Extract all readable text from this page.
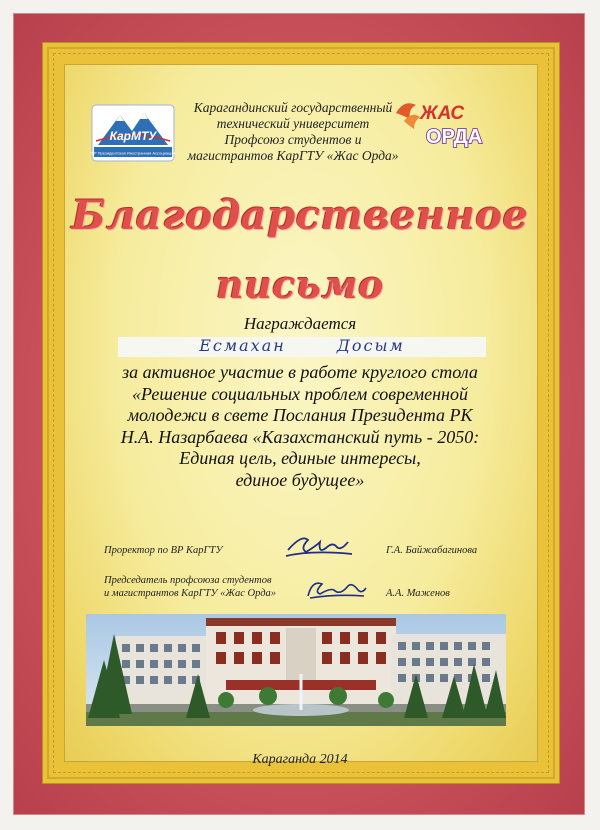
КарМТУ
ВР Президентская Иностранная Ассоциация
Карагандинский государственный
технический университет
Профсоюз студентов и
магистрантов КарГТУ «Жас Орда»
ЖАС
ОРДА
Благодарственное
письмо
Награждается
Есмахан	Досым
за активное участие в работе круглого стола
«Решение социальных проблем современной
молодежи в свете Послания Президента РК
Н.А. Назарбаева «Казахстанский путь - 2050:
Единая цель, единые интересы,
единое будущее»
Проректор по ВР КарГТУ	Г.А. Байжабагинова
Председатель профсоюза студентов
и магистрантов КарГТУ «Жас Орда»	А.А. Маженов
Караганда 2014
